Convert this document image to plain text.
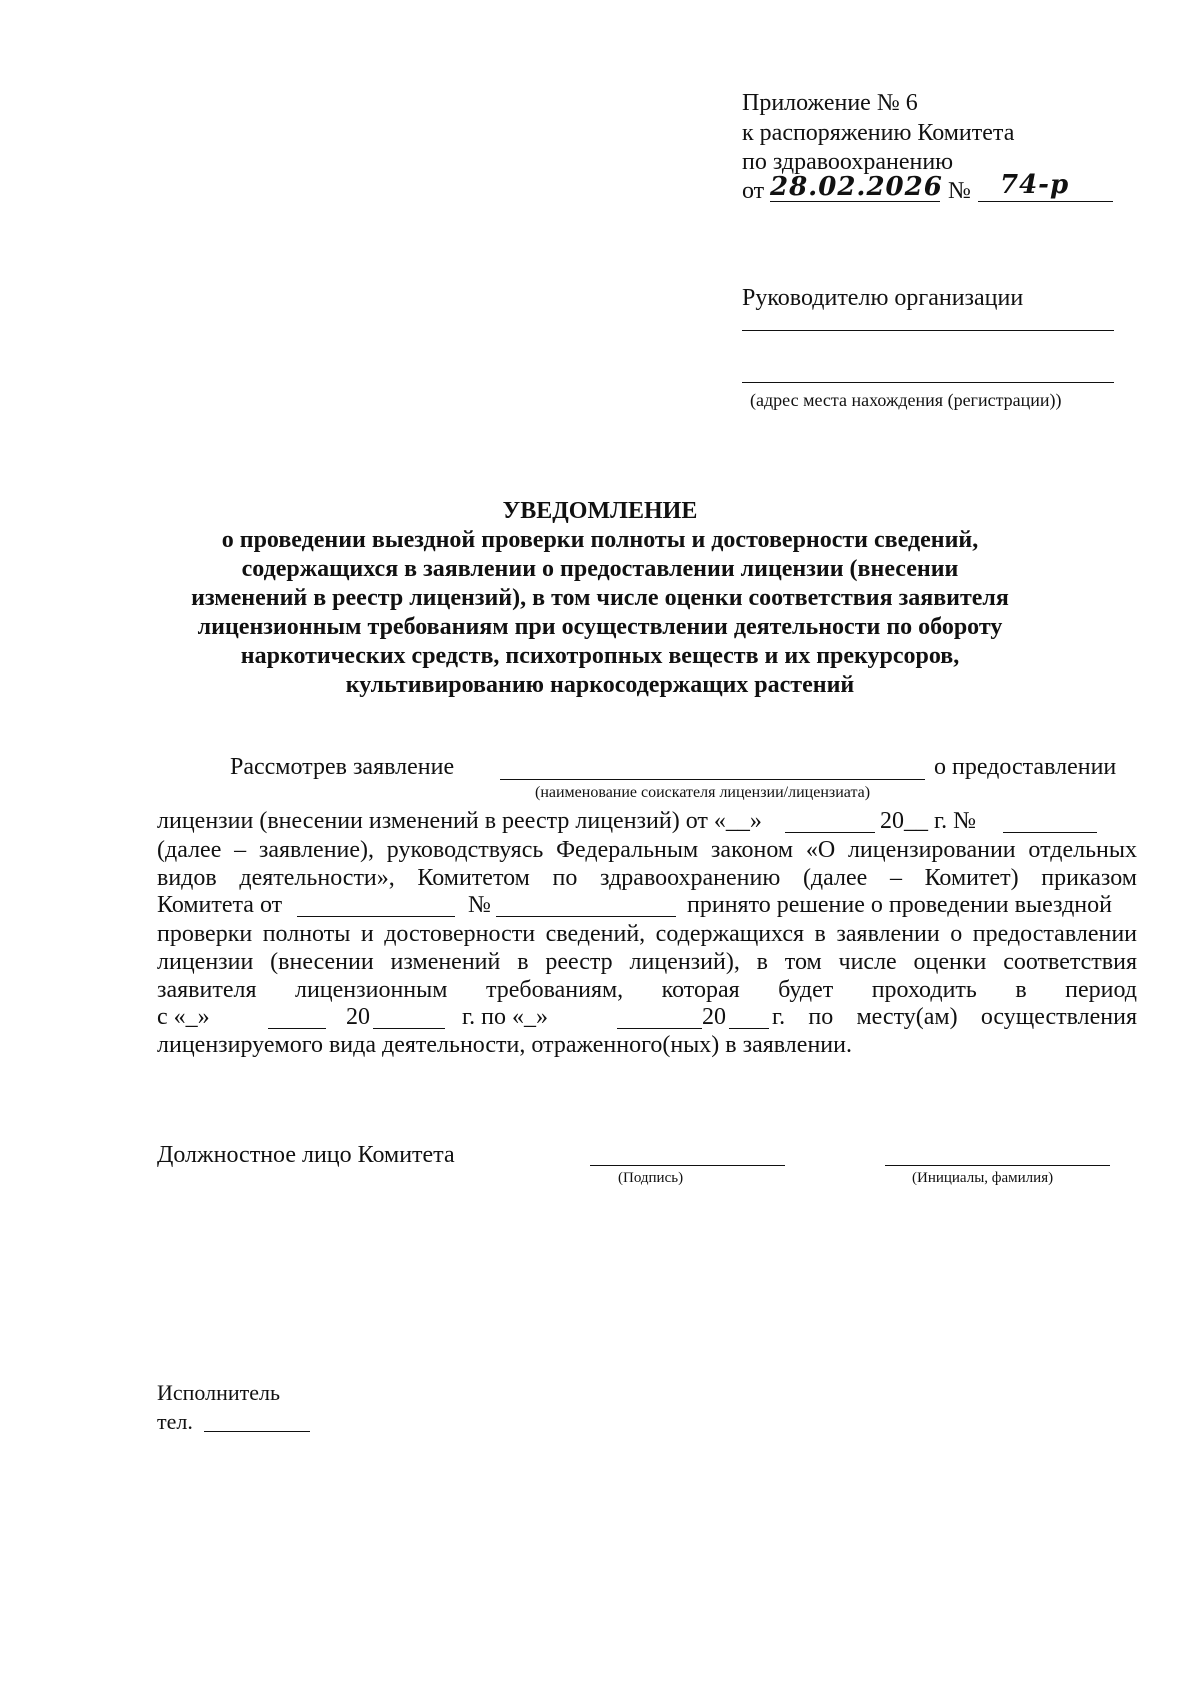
Приложение № 6
к распоряжению Комитета
по здравоохранению
от 28.02.2026 № 74-р
Руководителю организации
(адрес места нахождения (регистрации))
УВЕДОМЛЕНИЕ
о проведении выездной проверки полноты и достоверности сведений,
содержащихся в заявлении о предоставлении лицензии (внесении
изменений в реестр лицензий), в том числе оценки соответствия заявителя
лицензионным требованиям при осуществлении деятельности по обороту
наркотических средств, психотропных веществ и их прекурсоров,
культивированию наркосодержащих растений
Рассмотрев заявление	о предоставлении
(наименование соискателя лицензии/лицензиата)
лицензии (внесении изменений в реестр лицензий) от «__»	20__ г. №
(далее – заявление), руководствуясь Федеральным законом «О лицензировании отдельных
видов деятельности», Комитетом по здравоохранению (далее – Комитет) приказом
Комитета от	№	принято решение о проведении выездной
проверки полноты и достоверности сведений, содержащихся в заявлении о предоставлении
лицензии (внесении изменений в реестр лицензий), в том числе оценки соответствия
заявителя лицензионным требованиям, которая будет проходить в период
с «_»	20	г. по «_»	20 г. по месту(ам) осуществления
лицензируемого вида деятельности, отраженного(ных) в заявлении.
Должностное лицо Комитета
(Подпись)	(Инициалы, фамилия)
Исполнитель
тел.
